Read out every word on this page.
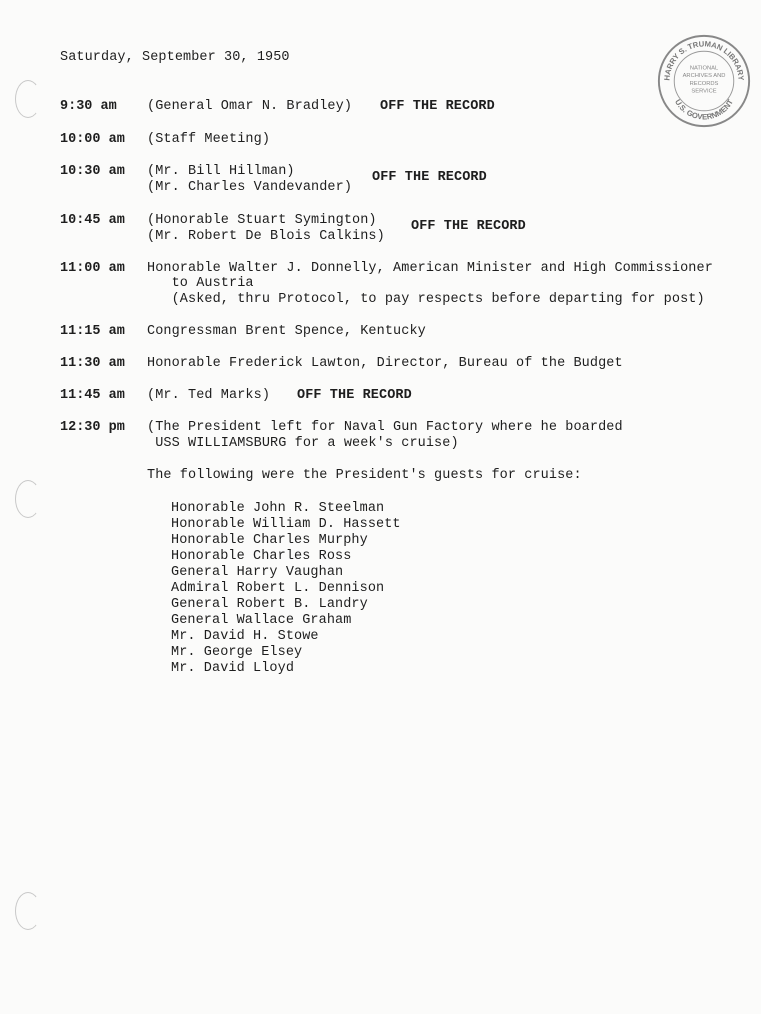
HARRY S. TRUMAN LIBRARY
U.S. GOVERNMENT
NATIONAL
ARCHIVES AND
RECORDS
SERVICE
Saturday, September 30, 1950
9:30 am (General Omar N. Bradley) OFF THE RECORD
10:00 am (Staff Meeting)
10:30 am (Mr. Bill Hillman)
(Mr. Charles Vandevander)
OFF THE RECORD
10:45 am (Honorable Stuart Symington)
(Mr. Robert De Blois Calkins)
OFF THE RECORD
11:00 am Honorable Walter J. Donnelly, American Minister and High Commissioner
to Austria
(Asked, thru Protocol, to pay respects before departing for post)
11:15 am Congressman Brent Spence, Kentucky
11:30 am Honorable Frederick Lawton, Director, Bureau of the Budget
11:45 am (Mr. Ted Marks) OFF THE RECORD
12:30 pm (The President left for Naval Gun Factory where he boarded
USS WILLIAMSBURG for a week's cruise)
The following were the President's guests for cruise:
Honorable John R. Steelman
Honorable William D. Hassett
Honorable Charles Murphy
Honorable Charles Ross
General Harry Vaughan
Admiral Robert L. Dennison
General Robert B. Landry
General Wallace Graham
Mr. David H. Stowe
Mr. George Elsey
Mr. David Lloyd
